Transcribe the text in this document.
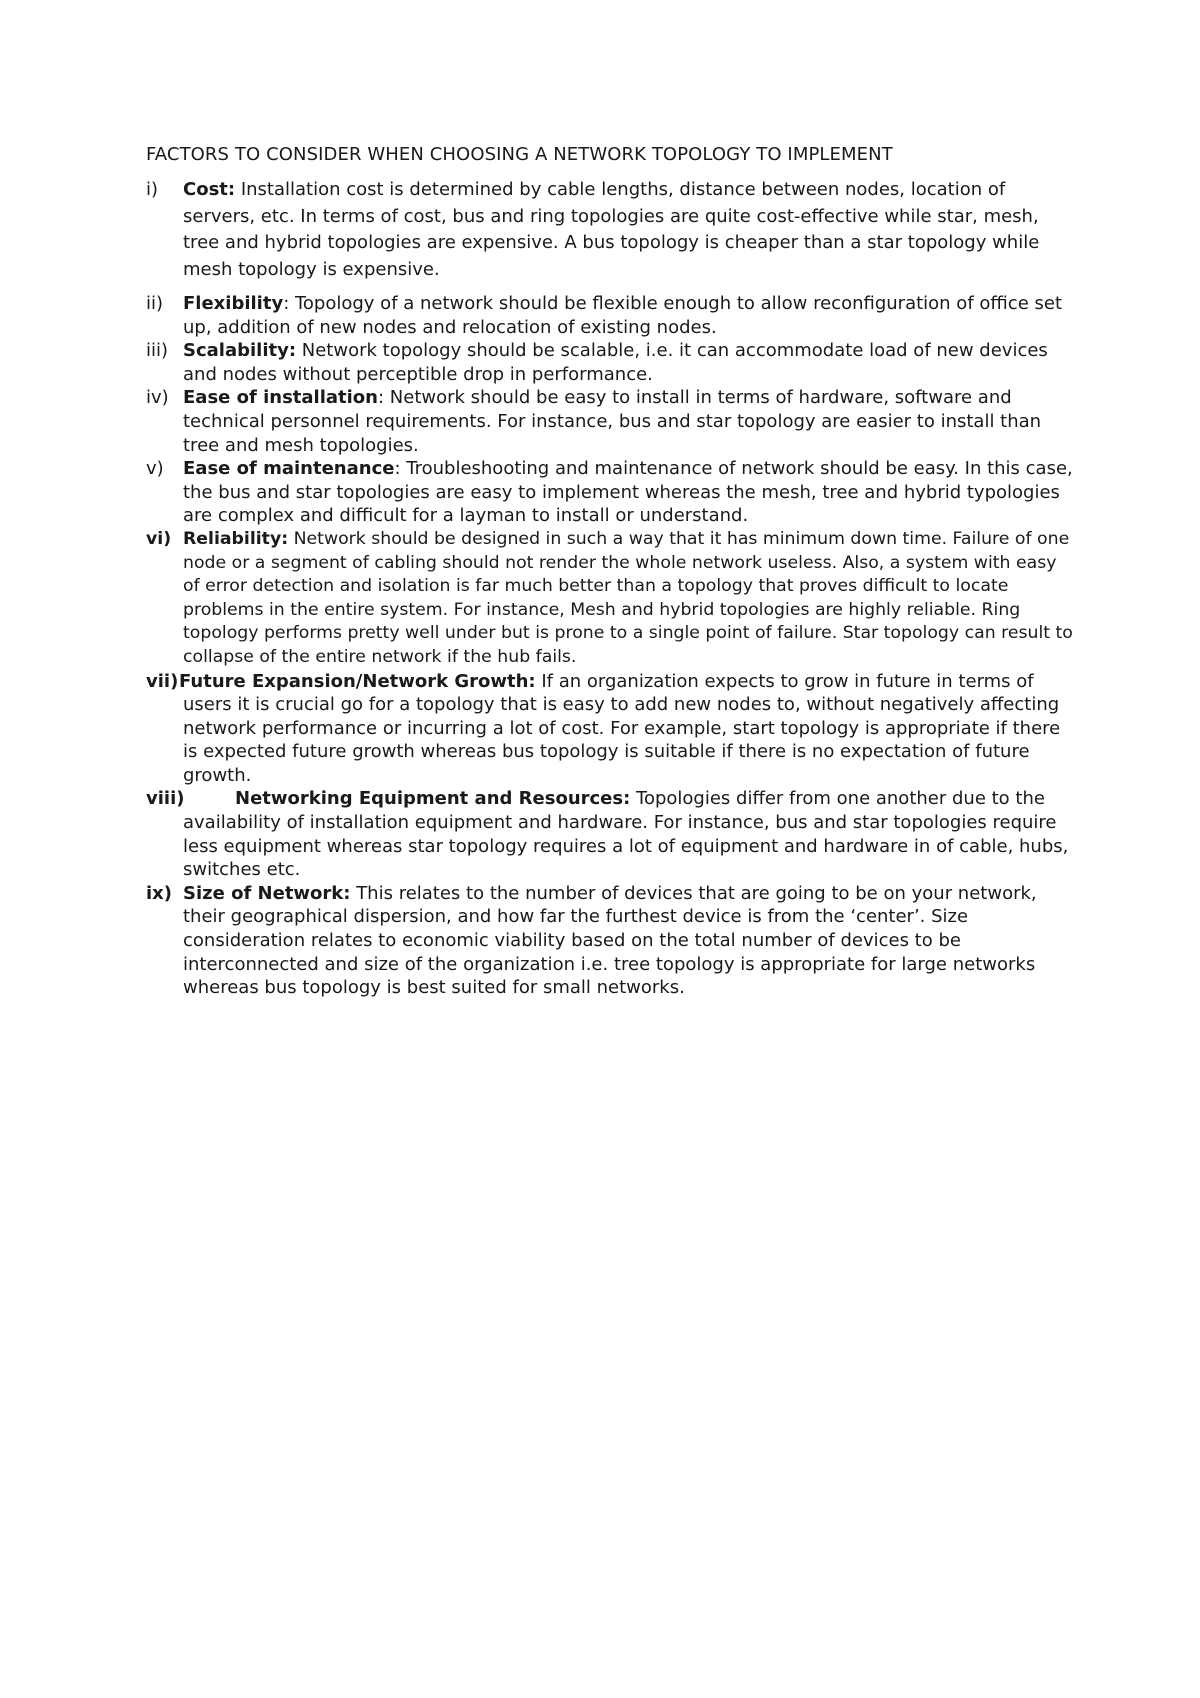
FACTORS TO CONSIDER WHEN CHOOSING A NETWORK TOPOLOGY TO IMPLEMENT
i) Cost: Installation cost is determined by cable lengths, distance between nodes, location of servers, etc. In terms of cost, bus and ring topologies are quite cost-effective while star, mesh, tree and hybrid topologies are expensive. A bus topology is cheaper than a star topology while mesh topology is expensive.
ii) Flexibility: Topology of a network should be flexible enough to allow reconfiguration of office set up, addition of new nodes and relocation of existing nodes.
iii) Scalability: Network topology should be scalable, i.e. it can accommodate load of new devices and nodes without perceptible drop in performance.
iv) Ease of installation: Network should be easy to install in terms of hardware, software and technical personnel requirements. For instance, bus and star topology are easier to install than tree and mesh topologies.
v) Ease of maintenance: Troubleshooting and maintenance of network should be easy. In this case, the bus and star topologies are easy to implement whereas the mesh, tree and hybrid typologies are complex and difficult for a layman to install or understand.
vi) Reliability: Network should be designed in such a way that it has minimum down time. Failure of one node or a segment of cabling should not render the whole network useless. Also, a system with easy of error detection and isolation is far much better than a topology that proves difficult to locate problems in the entire system. For instance, Mesh and hybrid topologies are highly reliable. Ring topology performs pretty well under but is prone to a single point of failure. Star topology can result to collapse of the entire network if the hub fails.
vii) Future Expansion/Network Growth: If an organization expects to grow in future in terms of users it is crucial go for a topology that is easy to add new nodes to, without negatively affecting network performance or incurring a lot of cost. For example, start topology is appropriate if there is expected future growth whereas bus topology is suitable if there is no expectation of future growth.
viii)	Networking Equipment and Resources: Topologies differ from one another due to the availability of installation equipment and hardware. For instance, bus and star topologies require less equipment whereas star topology requires a lot of equipment and hardware in of cable, hubs, switches etc.
ix) Size of Network: This relates to the number of devices that are going to be on your network, their geographical dispersion, and how far the furthest device is from the ‘center’. Size consideration relates to economic viability based on the total number of devices to be interconnected and size of the organization i.e. tree topology is appropriate for large networks whereas bus topology is best suited for small networks.
